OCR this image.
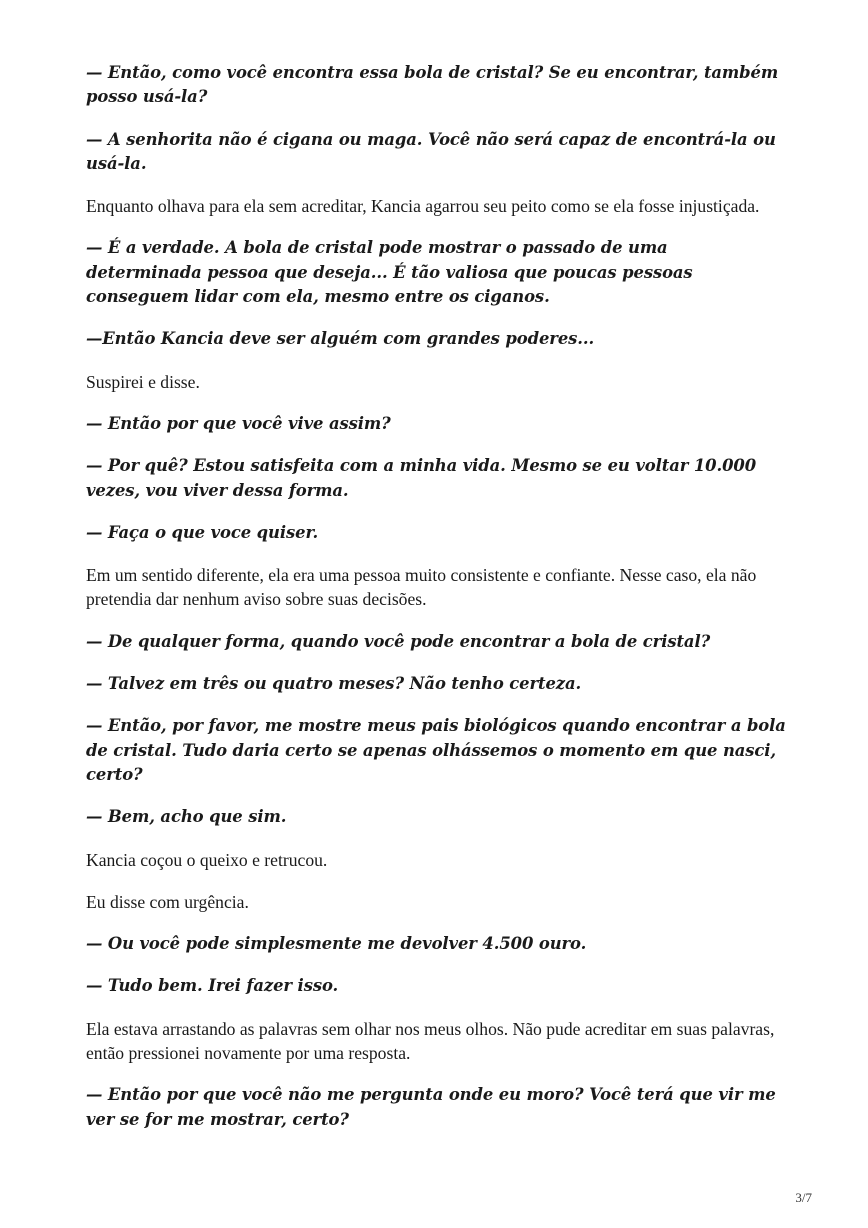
— Então, como você encontra essa bola de cristal? Se eu encontrar, também posso usá-la?

— A senhorita não é cigana ou maga. Você não será capaz de encontrá-la ou usá-la.

Enquanto olhava para ela sem acreditar, Kancia agarrou seu peito como se ela fosse injustiçada.

— É a verdade. A bola de cristal pode mostrar o passado de uma determinada pessoa que deseja... É tão valiosa que poucas pessoas conseguem lidar com ela, mesmo entre os ciganos.

—Então Kancia deve ser alguém com grandes poderes...

Suspirei e disse.

— Então por que você vive assim?

— Por quê? Estou satisfeita com a minha vida. Mesmo se eu voltar 10.000 vezes, vou viver dessa forma.

— Faça o que voce quiser.

Em um sentido diferente, ela era uma pessoa muito consistente e confiante. Nesse caso, ela não pretendia dar nenhum aviso sobre suas decisões.

— De qualquer forma, quando você pode encontrar a bola de cristal?

— Talvez em três ou quatro meses? Não tenho certeza.

— Então, por favor, me mostre meus pais biológicos quando encontrar a bola de cristal. Tudo daria certo se apenas olhássemos o momento em que nasci, certo?

— Bem, acho que sim.

Kancia coçou o queixo e retrucou.

Eu disse com urgência.

— Ou você pode simplesmente me devolver 4.500 ouro.

— Tudo bem. Irei fazer isso.

Ela estava arrastando as palavras sem olhar nos meus olhos. Não pude acreditar em suas palavras, então pressionei novamente por uma resposta.

— Então por que você não me pergunta onde eu moro? Você terá que vir me ver se for me mostrar, certo?

3/7
